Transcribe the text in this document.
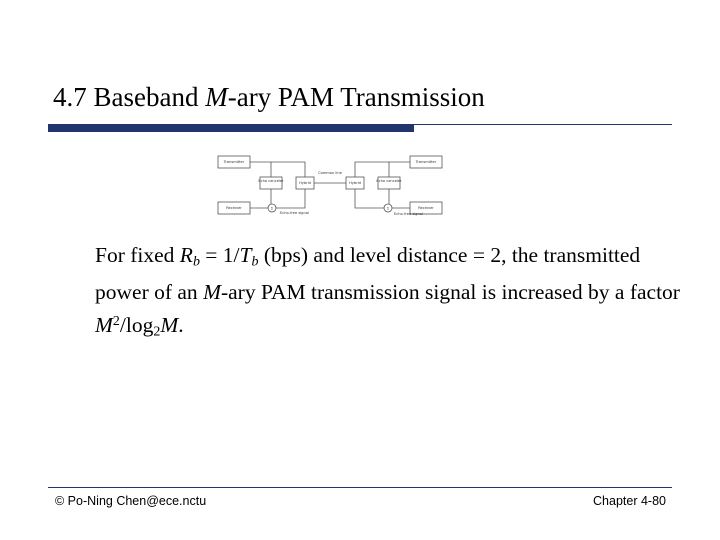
4.7 Baseband M-ary PAM Transmission
Transmitter	Transmitter
Echo canceler	Hybrid
Common line
Hybrid	Echo canceler
Receiver	Receiver
Σ	Σ
Echo-free signal	Echo-free signal
For fixed $R_b = 1/T_b$ (bps) and level distance = 2, the transmitted power of an M-ary PAM transmission signal is increased by a factor $M^2/\log_2M$.
© Po-Ning Chen@ece.nctu	Chapter 4-80
